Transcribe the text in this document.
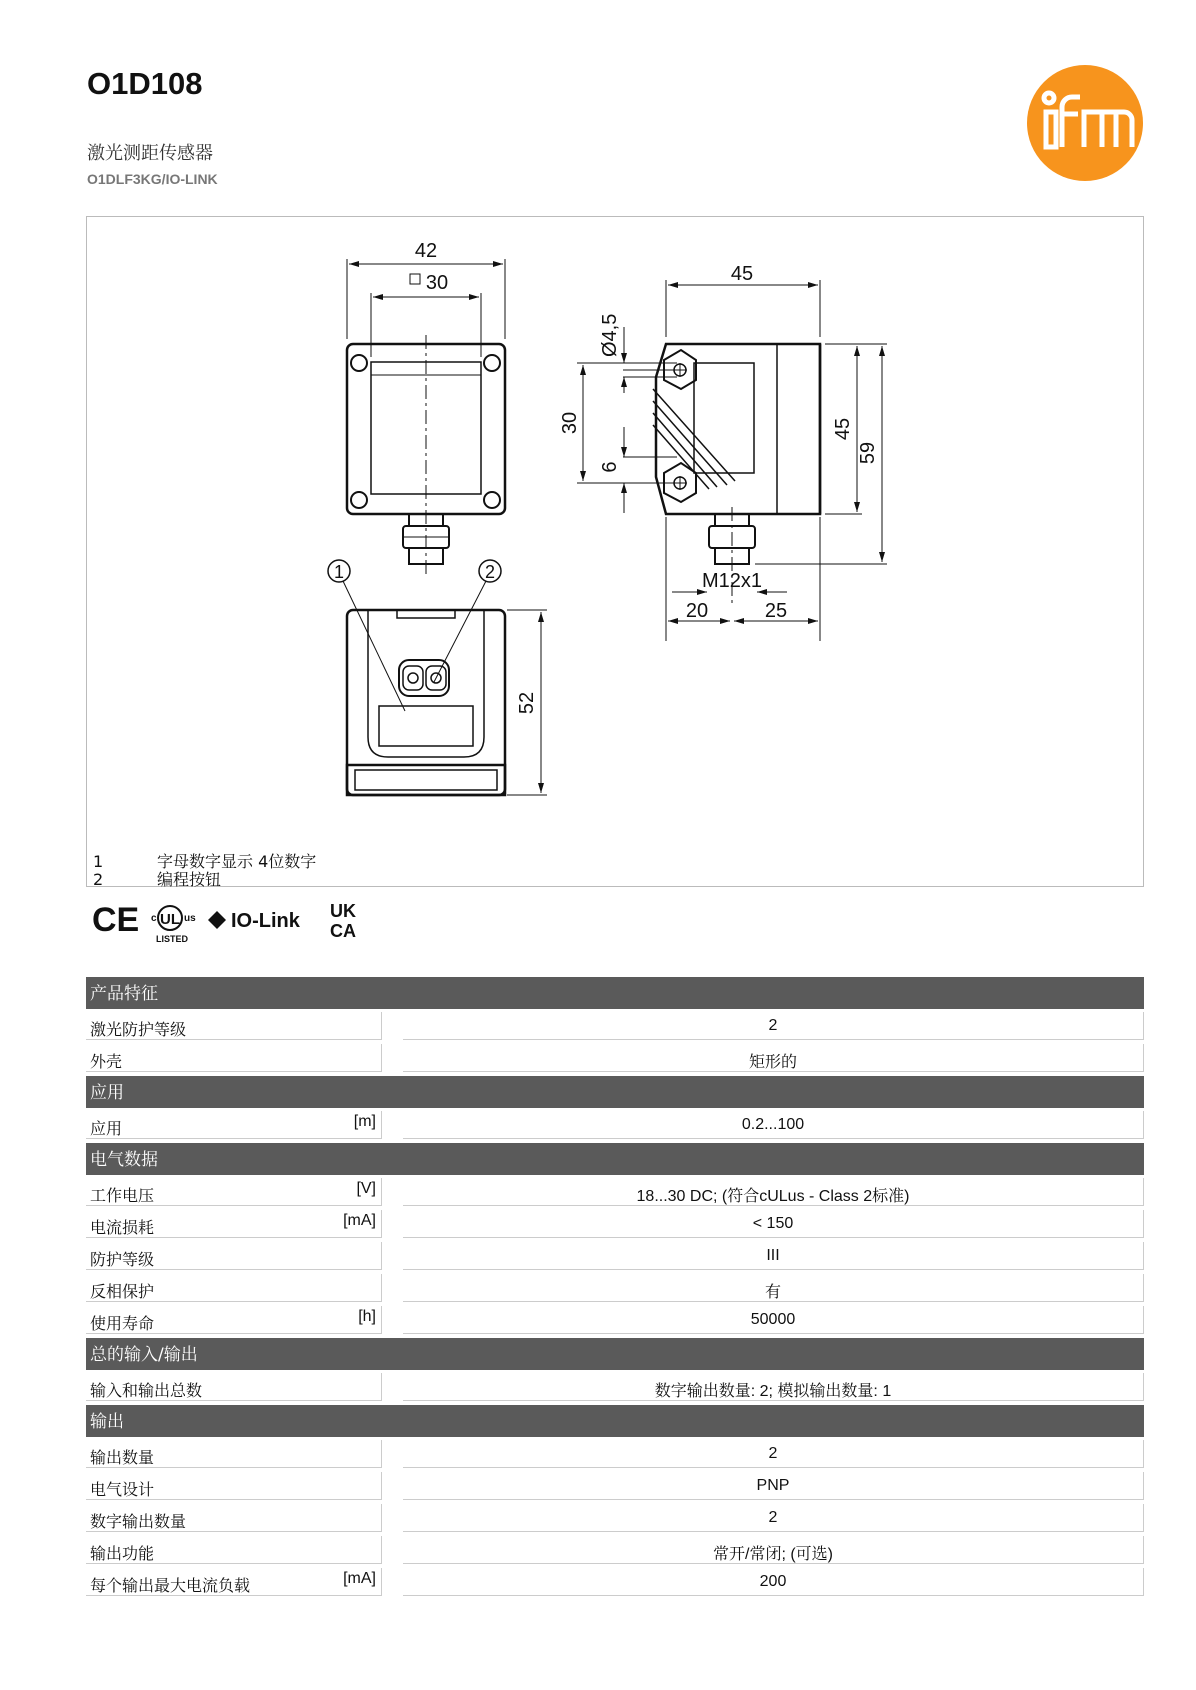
O1D108
激光测距传感器
O1DLF3KG/IO-LINK	ifm
42
30	45
Ø4,5
30
6
45
59
M12x1
20	25
1	2
52
1	字母数字显示 4位数字
2	编程按钮
CE UL
c	us
LISTED
IO-Link UK
CA
产品特征
激光防护等级	2
外壳	矩形的
应用
应用	[m]	0.2...100
电气数据
工作电压	[V]	18...30 DC; (符合cULus - Class 2标准)
电流损耗	[mA]	< 150
防护等级	III
反相保护	有
使用寿命	[h]	50000
总的输入/输出
输入和输出总数	数字输出数量: 2; 模拟输出数量: 1
输出
输出数量	2
电气设计	PNP
数字输出数量	2
输出功能	常开/常闭; (可选)
每个输出最大电流负载	[mA]	200
